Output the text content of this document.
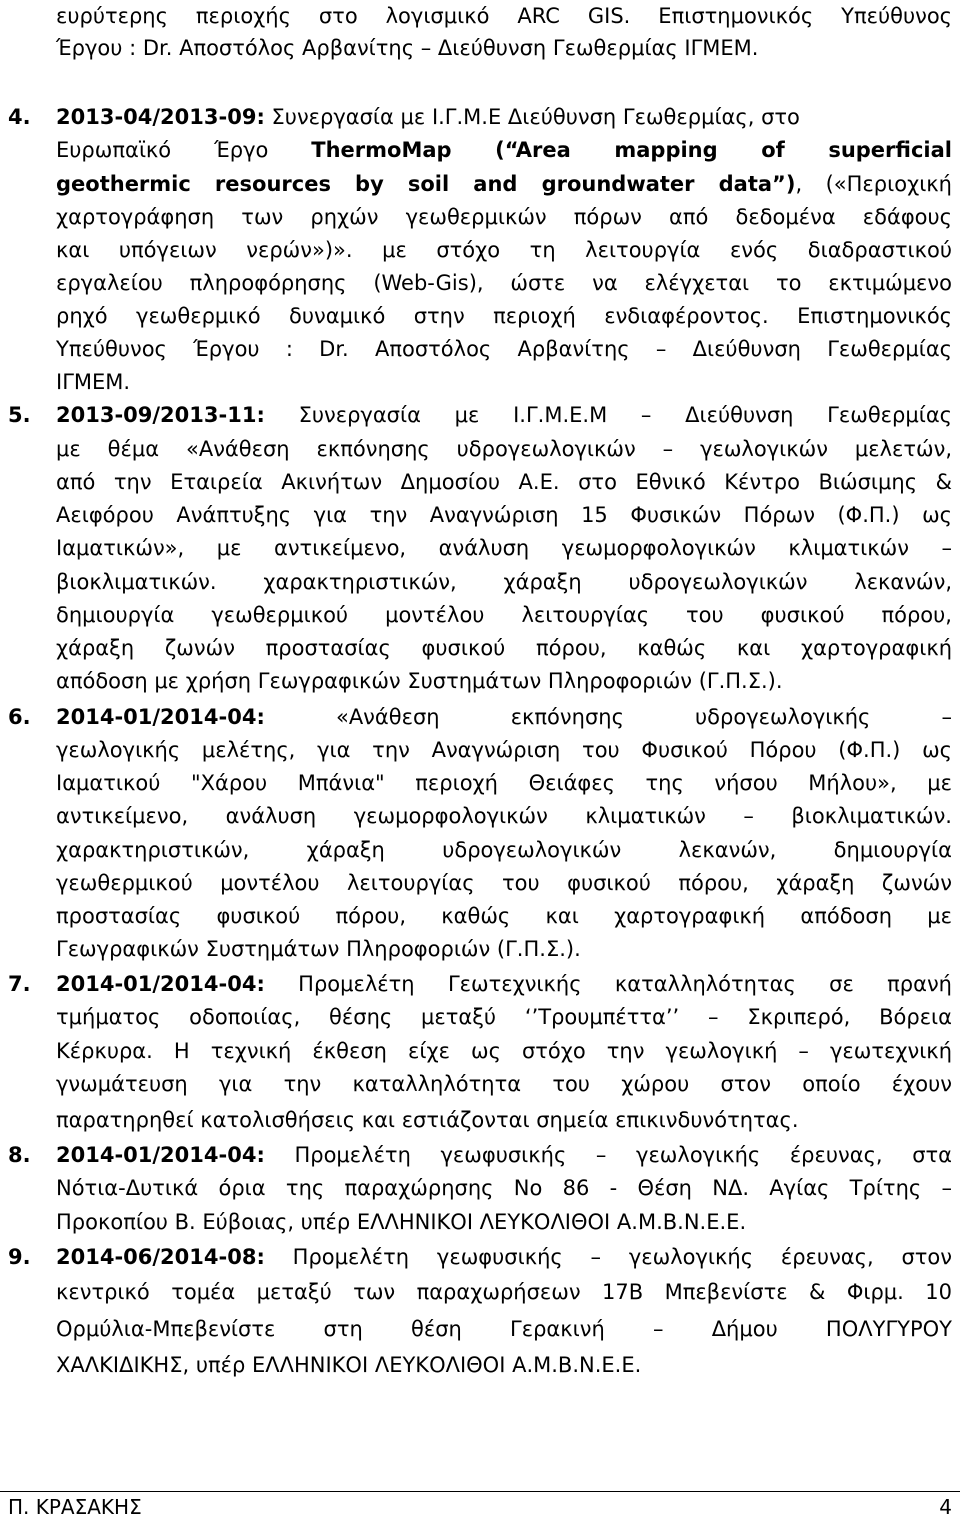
ευρύτερης περιοχής στο λογισμικό ARC GIS. Επιστημονικός Υπεύθυνος
Έργου : Dr. Αποστόλος Αρβανίτης – Διεύθυνση Γεωθερμίας ΙΓΜΕΜ.
4.	2013-04/2013-09: Συνεργασία με Ι.Γ.Μ.Ε Διεύθυνση Γεωθερμίας, στο
Ευρωπαϊκό Έργο ThermoMap (“Area mapping of superficial
geothermic resources by soil and groundwater data”), («Περιοχική
χαρτογράφηση των ρηχών γεωθερμικών πόρων από δεδομένα εδάφους
και υπόγειων νερών»)». με στόχο τη λειτουργία ενός διαδραστικού
εργαλείου πληροφόρησης (Web-Gis), ώστε να ελέγχεται το εκτιμώμενο
ρηχό γεωθερμικό δυναμικό στην περιοχή ενδιαφέροντος. Επιστημονικός
Υπεύθυνος Έργου : Dr. Αποστόλος Αρβανίτης – Διεύθυνση Γεωθερμίας
ΙΓΜΕΜ.
5.	2013-09/2013-11: Συνεργασία με Ι.Γ.Μ.Ε.Μ – Διεύθυνση Γεωθερμίας
με θέμα «Ανάθεση εκπόνησης υδρογεωλογικών – γεωλογικών μελετών,
από την Εταιρεία Ακινήτων Δημοσίου Α.Ε. στο Εθνικό Κέντρο Βιώσιμης &
Αειφόρου Ανάπτυξης για την Αναγνώριση 15 Φυσικών Πόρων (Φ.Π.) ως
Ιαματικών», με αντικείμενο, ανάλυση γεωμορφολογικών κλιματικών –
βιοκλιματικών. χαρακτηριστικών, χάραξη υδρογεωλογικών λεκανών,
δημιουργία γεωθερμικού μοντέλου λειτουργίας του φυσικού πόρου,
χάραξη ζωνών προστασίας φυσικού πόρου, καθώς και χαρτογραφική
απόδοση με χρήση Γεωγραφικών Συστημάτων Πληροφοριών (Γ.Π.Σ.).
6.	2014-01/2014-04: «Ανάθεση εκπόνησης υδρογεωλογικής –
γεωλογικής μελέτης, για την Αναγνώριση του Φυσικού Πόρου (Φ.Π.) ως
Ιαματικού "Χάρου Μπάνια" περιοχή Θειάφες της νήσου Μήλου», με
αντικείμενο, ανάλυση γεωμορφολογικών κλιματικών – βιοκλιματικών.
χαρακτηριστικών, χάραξη υδρογεωλογικών λεκανών, δημιουργία
γεωθερμικού μοντέλου λειτουργίας του φυσικού πόρου, χάραξη ζωνών
προστασίας φυσικού πόρου, καθώς και χαρτογραφική απόδοση με
Γεωγραφικών Συστημάτων Πληροφοριών (Γ.Π.Σ.).
7.	2014-01/2014-04: Προμελέτη Γεωτεχνικής καταλληλότητας σε πρανή
τμήματος οδοποιίας, θέσης μεταξύ ‘’Τρουμπέττα’’ – Σκριπερό, Βόρεια
Κέρκυρα. Η τεχνική έκθεση είχε ως στόχο την γεωλογική – γεωτεχνική
γνωμάτευση για την καταλληλότητα του χώρου στον οποίο έχουν
παρατηρηθεί κατολισθήσεις και εστιάζονται σημεία επικινδυνότητας.
8.	2014-01/2014-04: Προμελέτη γεωφυσικής – γεωλογικής έρευνας, στα
Νότια-Δυτικά όρια της παραχώρησης Νο 86 - Θέση ΝΔ. Αγίας Τρίτης –
Προκοπίου Β. Εύβοιας, υπέρ ΕΛΛΗΝΙΚΟΙ ΛΕΥΚΟΛΙΘΟΙ Α.Μ.Β.Ν.Ε.Ε.
9.	2014-06/2014-08: Προμελέτη γεωφυσικής – γεωλογικής έρευνας, στον
κεντρικό τομέα μεταξύ των παραχωρήσεων 17Β Μπεβενίστε & Φιρμ. 10
Ορμύλια-Μπεβενίστε στη θέση Γερακινή – Δήμου ΠΟΛΥΓΥΡΟΥ
ΧΑΛΚΙΔΙΚΗΣ, υπέρ ΕΛΛΗΝΙΚΟΙ ΛΕΥΚΟΛΙΘΟΙ Α.Μ.Β.Ν.Ε.Ε.
Π. ΚΡΑΣΑΚΗΣ	4
